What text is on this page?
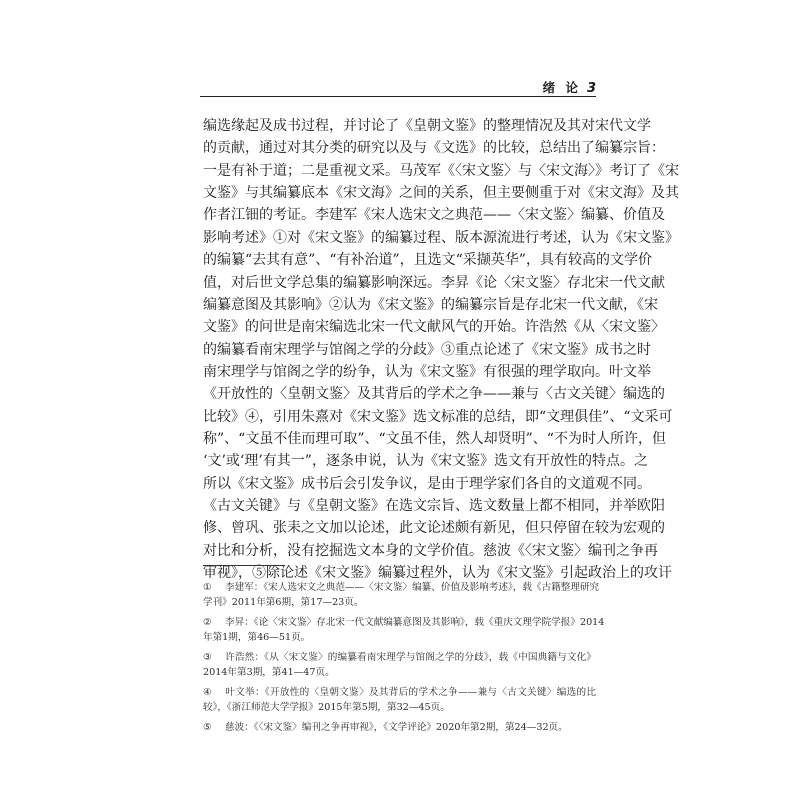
绪 论 3
编选缘起及成书过程，并讨论了《皇朝文鉴》的整理情况及其对宋代文学
的贡献，通过对其分类的研究以及与《文选》的比较，总结出了编纂宗旨：
一是有补于道；二是重视文采。马茂军《〈宋文鉴〉与〈宋文海〉》考订了《宋
文鉴》与其编纂底本《宋文海》之间的关系，但主要侧重于对《宋文海》及其
作者江钿的考证。李建军《宋人选宋文之典范——〈宋文鉴〉编纂、价值及
影响考述》①对《宋文鉴》的编纂过程、版本源流进行考述，认为《宋文鉴》
的编纂“去其有意”、“有补治道”，且选文“采撷英华”，具有较高的文学价
值，对后世文学总集的编纂影响深远。李昇《论〈宋文鉴〉存北宋一代文献
编纂意图及其影响》②认为《宋文鉴》的编纂宗旨是存北宋一代文献，《宋
文鉴》的问世是南宋编选北宋一代文献风气的开始。许浩然《从〈宋文鉴〉
的编纂看南宋理学与馆阁之学的分歧》③重点论述了《宋文鉴》成书之时
南宋理学与馆阁之学的纷争，认为《宋文鉴》有很强的理学取向。叶文举
《开放性的〈皇朝文鉴〉及其背后的学术之争——兼与〈古文关键〉编选的
比较》④，引用朱熹对《宋文鉴》选文标准的总结，即“文理俱佳”、“文采可
称”、“文虽不佳而理可取”、“文虽不佳，然人却贤明”、“不为时人所许，但
‘文’或‘理’有其一”，逐条申说，认为《宋文鉴》选文有开放性的特点。之
所以《宋文鉴》成书后会引发争议，是由于理学家们各自的文道观不同。
《古文关键》与《皇朝文鉴》在选文宗旨、选文数量上都不相同，并举欧阳
修、曾巩、张耒之文加以论述，此文论述颇有新见，但只停留在较为宏观的
对比和分析，没有挖掘选文本身的文学价值。慈波《〈宋文鉴〉编刊之争再
审视》，⑤除论述《宋文鉴》编纂过程外，认为《宋文鉴》引起政治上的攻讦
① 李建军：《宋人选宋文之典范——〈宋文鉴〉编纂、价值及影响考述》，载《古籍整理研究
学刊》2011年第6期，第17—23页。
② 李昇：《论〈宋文鉴〉存北宋一代文献编纂意图及其影响》，载《重庆文理学院学报》2014
年第1期，第46—51页。
③ 许浩然：《从〈宋文鉴〉的编纂看南宋理学与馆阁之学的分歧》，载《中国典籍与文化》
2014年第3期，第41—47页。
④ 叶文举：《开放性的〈皇朝文鉴〉及其背后的学术之争——兼与〈古文关键〉编选的比
较》，《浙江师范大学学报》2015年第5期，第32—45页。
⑤ 慈波：《〈宋文鉴〉编刊之争再审视》，《文学评论》2020年第2期，第24—32页。
